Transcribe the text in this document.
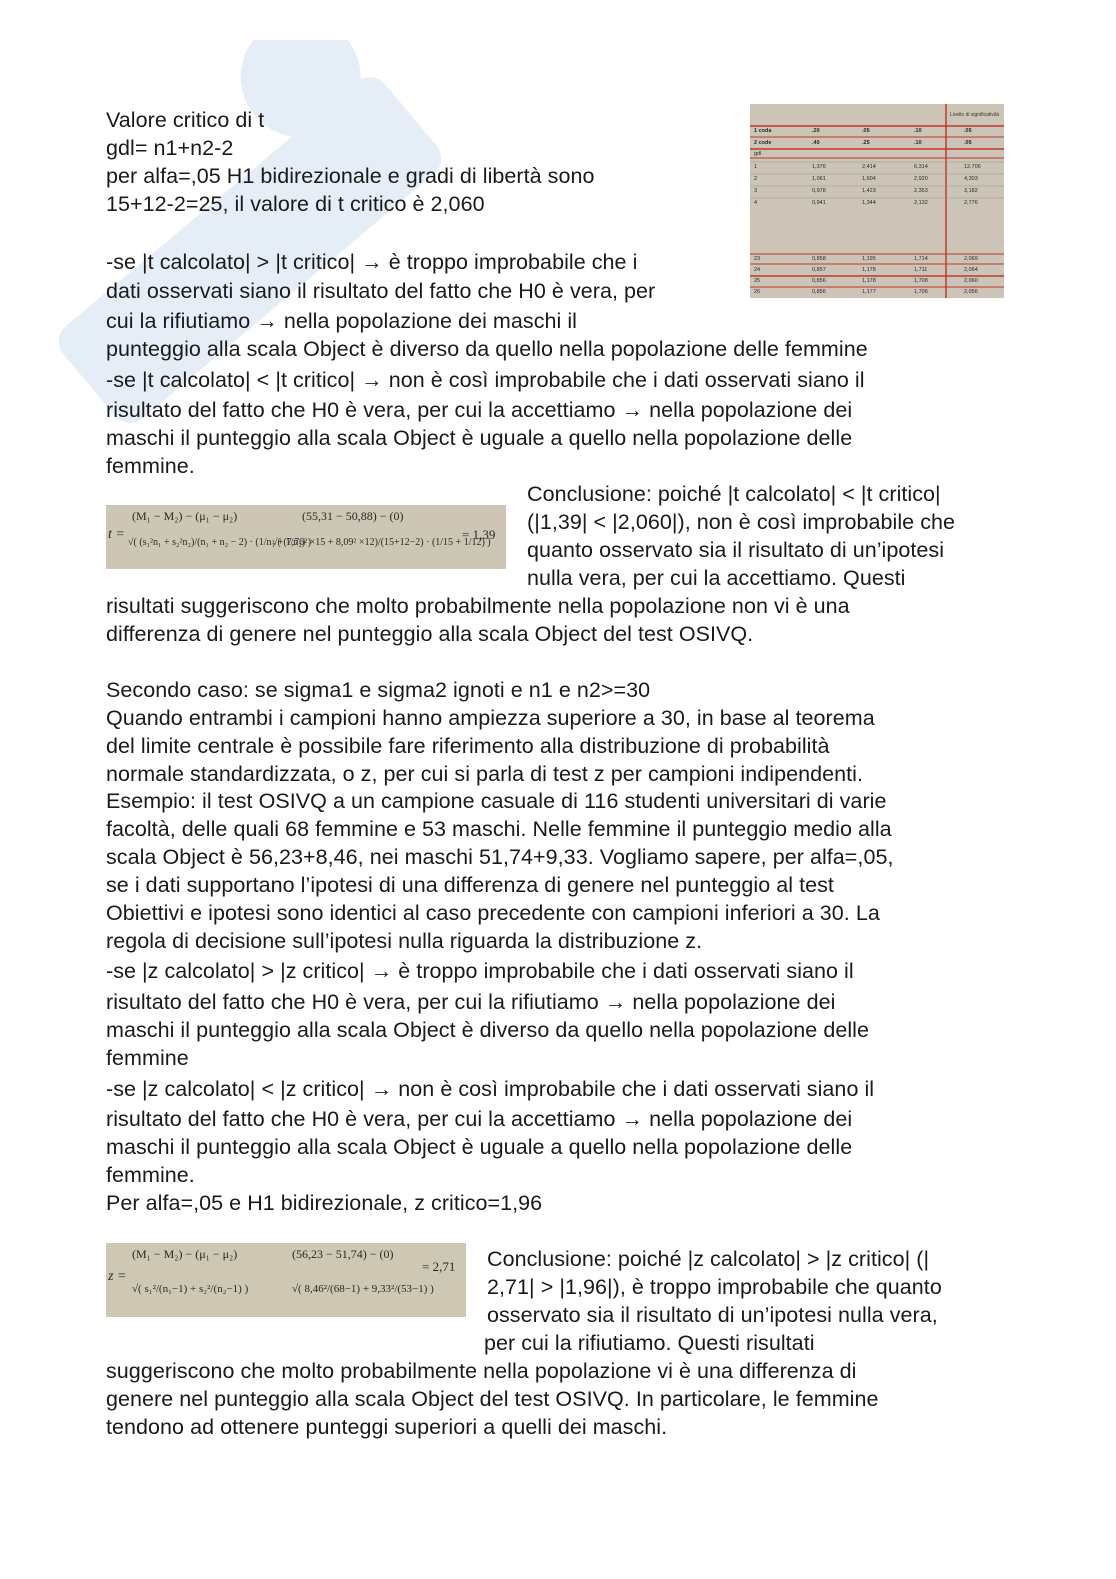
Valore critico di t
gdl= n1+n2-2
per alfa=,05 H1 bidirezionale e gradi di libertà sono
15+12-2=25, il valore di t critico è 2,060
-se |t calcolato| > |t critico| → è troppo improbabile che i
dati osservati siano il risultato del fatto che H0 è vera, per
cui la rifiutiamo → nella popolazione dei maschi il
punteggio alla scala Object è diverso da quello nella popolazione delle femmine
-se |t calcolato| < |t critico| → non è così improbabile che i dati osservati siano il
risultato del fatto che H0 è vera, per cui la accettiamo → nella popolazione dei
maschi il punteggio alla scala Object è uguale a quello nella popolazione delle
femmine.
Livello di significatività
1 coda	.20	.05	.10	.05
2 code	.40	.25	.10	.05
gdl
1	1,376	2,414	6,314	12,706
2	1,061	1,604	2,920	4,303
3	0,978	1,423	2,353	3,182
4	0,941	1,344	2,132	2,776
23	0,858	1,195	1,714	2,069
24	0,857	1,178	1,711	2,064
25	0,856	1,178	1,708	2,060
26	0,856	1,177	1,706	2,056
t =
(M₁ − M₂) − (μ₁ − μ₂)
√( (s₁²n₁ + s₂²n₂)/(n₁ + n₂ − 2) · (1/n₁ + 1/n₂) )
(55,31 − 50,88) − (0)
√( (7,76² ×15 + 8,09² ×12)/(15+12−2) · (1/15 + 1/12) )
= 1,39
Conclusione: poiché |t calcolato| < |t critico|
(|1,39| < |2,060|), non è così improbabile che
quanto osservato sia il risultato di un’ipotesi
nulla vera, per cui la accettiamo. Questi
risultati suggeriscono che molto probabilmente nella popolazione non vi è una
differenza di genere nel punteggio alla scala Object del test OSIVQ.
Secondo caso: se sigma1 e sigma2 ignoti e n1 e n2>=30
Quando entrambi i campioni hanno ampiezza superiore a 30, in base al teorema
del limite centrale è possibile fare riferimento alla distribuzione di probabilità
normale standardizzata, o z, per cui si parla di test z per campioni indipendenti.
Esempio: il test OSIVQ a un campione casuale di 116 studenti universitari di varie
facoltà, delle quali 68 femmine e 53 maschi. Nelle femmine il punteggio medio alla
scala Object è 56,23+8,46, nei maschi 51,74+9,33. Vogliamo sapere, per alfa=,05,
se i dati supportano l’ipotesi di una differenza di genere nel punteggio al test
Obiettivi e ipotesi sono identici al caso precedente con campioni inferiori a 30. La
regola di decisione sull’ipotesi nulla riguarda la distribuzione z.
-se |z calcolato| > |z critico| → è troppo improbabile che i dati osservati siano il
risultato del fatto che H0 è vera, per cui la rifiutiamo → nella popolazione dei
maschi il punteggio alla scala Object è diverso da quello nella popolazione delle
femmine
-se |z calcolato| < |z critico| → non è così improbabile che i dati osservati siano il
risultato del fatto che H0 è vera, per cui la accettiamo → nella popolazione dei
maschi il punteggio alla scala Object è uguale a quello nella popolazione delle
femmine.
Per alfa=,05 e H1 bidirezionale, z critico=1,96
z =
(M₁ − M₂) − (μ₁ − μ₂)
√( s₁²/(n₁−1) + s₂²/(n₂−1) )
(56,23 − 51,74) − (0)
√( 8,46²/(68−1) + 9,33²/(53−1) )
= 2,71 Conclusione: poiché |z calcolato| > |z critico| (|
2,71| > |1,96|), è troppo improbabile che quanto
osservato sia il risultato di un’ipotesi nulla vera,
per cui la rifiutiamo. Questi risultati
suggeriscono che molto probabilmente nella popolazione vi è una differenza di
genere nel punteggio alla scala Object del test OSIVQ. In particolare, le femmine
tendono ad ottenere punteggi superiori a quelli dei maschi.
